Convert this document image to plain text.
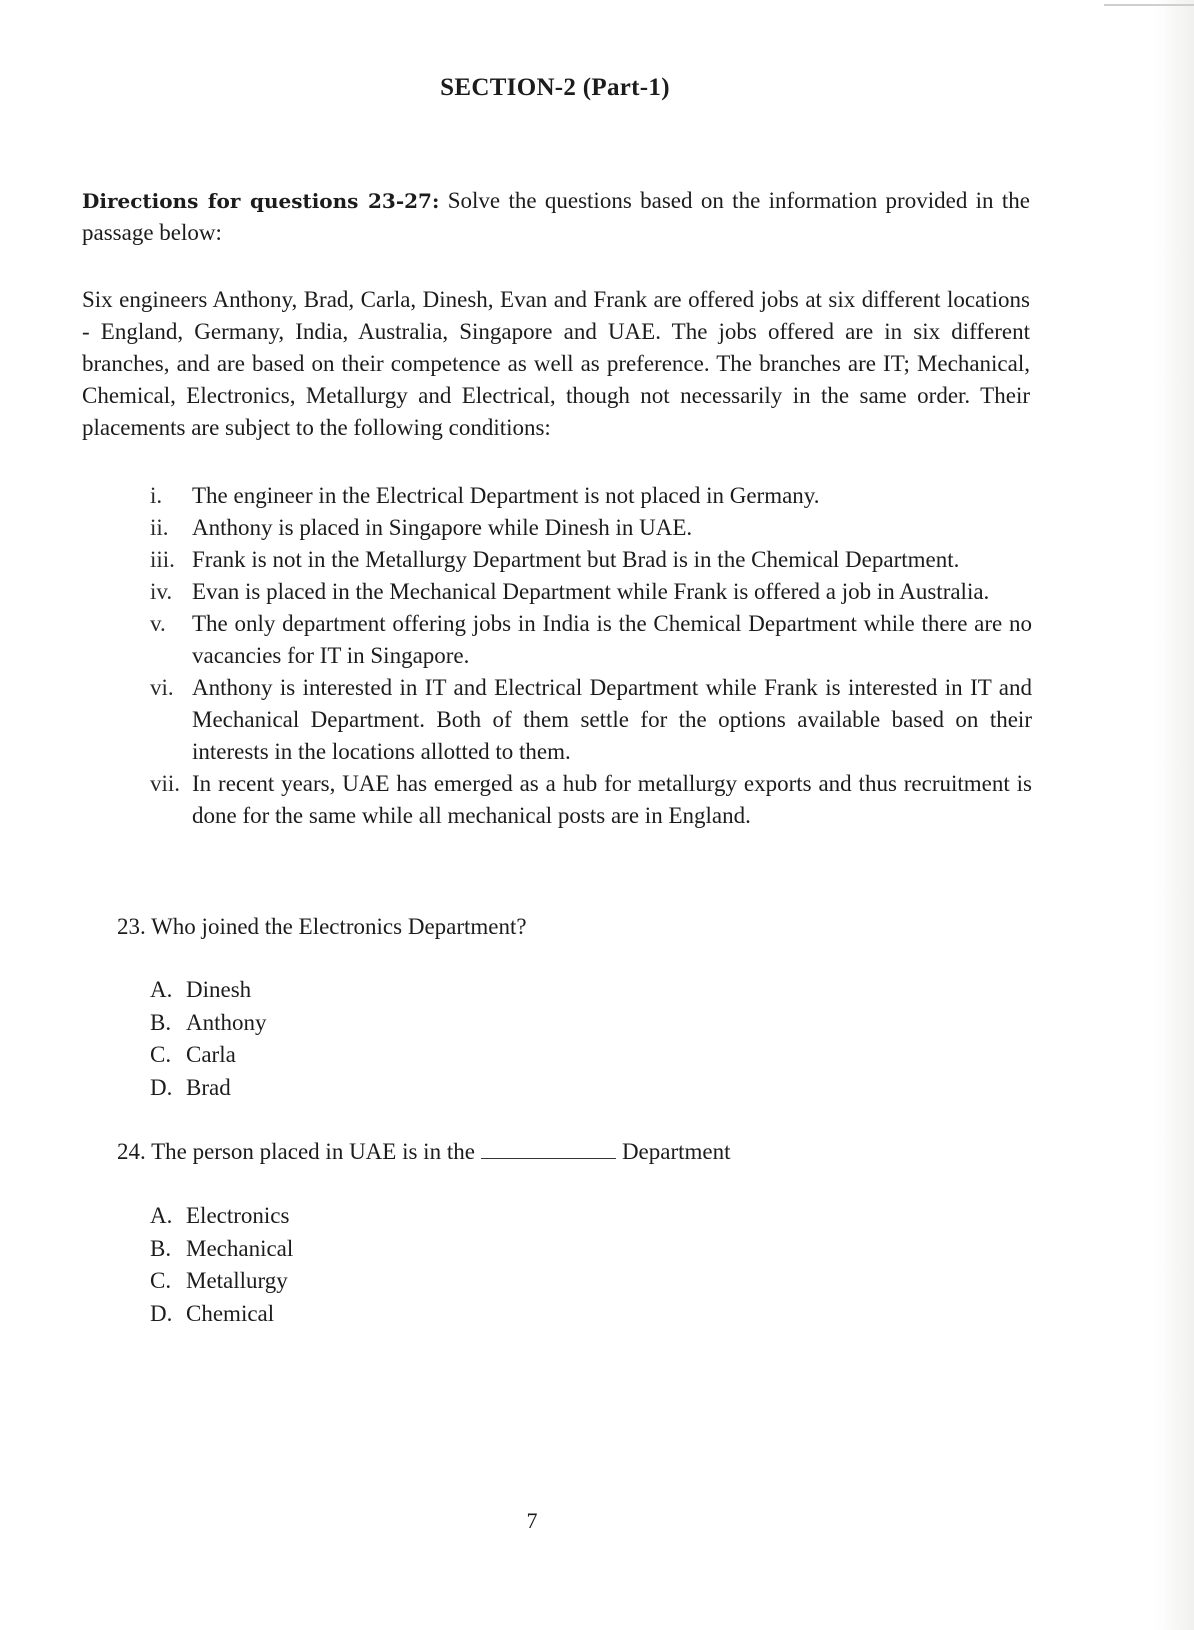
SECTION-2 (Part-1)
Directions for questions 23-27: Solve the questions based on the information provided in the passage below:
Six engineers Anthony, Brad, Carla, Dinesh, Evan and Frank are offered jobs at six different locations - England, Germany, India, Australia, Singapore and UAE. The jobs offered are in six different branches, and are based on their competence as well as preference. The branches are IT; Mechanical, Chemical, Electronics, Metallurgy and Electrical, though not necessarily in the same order. Their placements are subject to the following conditions:
i.	The engineer in the Electrical Department is not placed in Germany.
ii.	Anthony is placed in Singapore while Dinesh in UAE.
iii. Frank is not in the Metallurgy Department but Brad is in the Chemical Department.
iv. Evan is placed in the Mechanical Department while Frank is offered a job in Australia.
v.	The only department offering jobs in India is the Chemical Department while there are no vacancies for IT in Singapore.
vi. Anthony is interested in IT and Electrical Department while Frank is interested in IT and Mechanical Department. Both of them settle for the options available based on their interests in the locations allotted to them.
vii. In recent years, UAE has emerged as a hub for metallurgy exports and thus recruitment is done for the same while all mechanical posts are in England.
23. Who joined the Electronics Department?
A. Dinesh
B. Anthony
C. Carla
D. Brad
24. The person placed in UAE is in the	Department
A. Electronics
B. Mechanical
C. Metallurgy
D. Chemical
7
